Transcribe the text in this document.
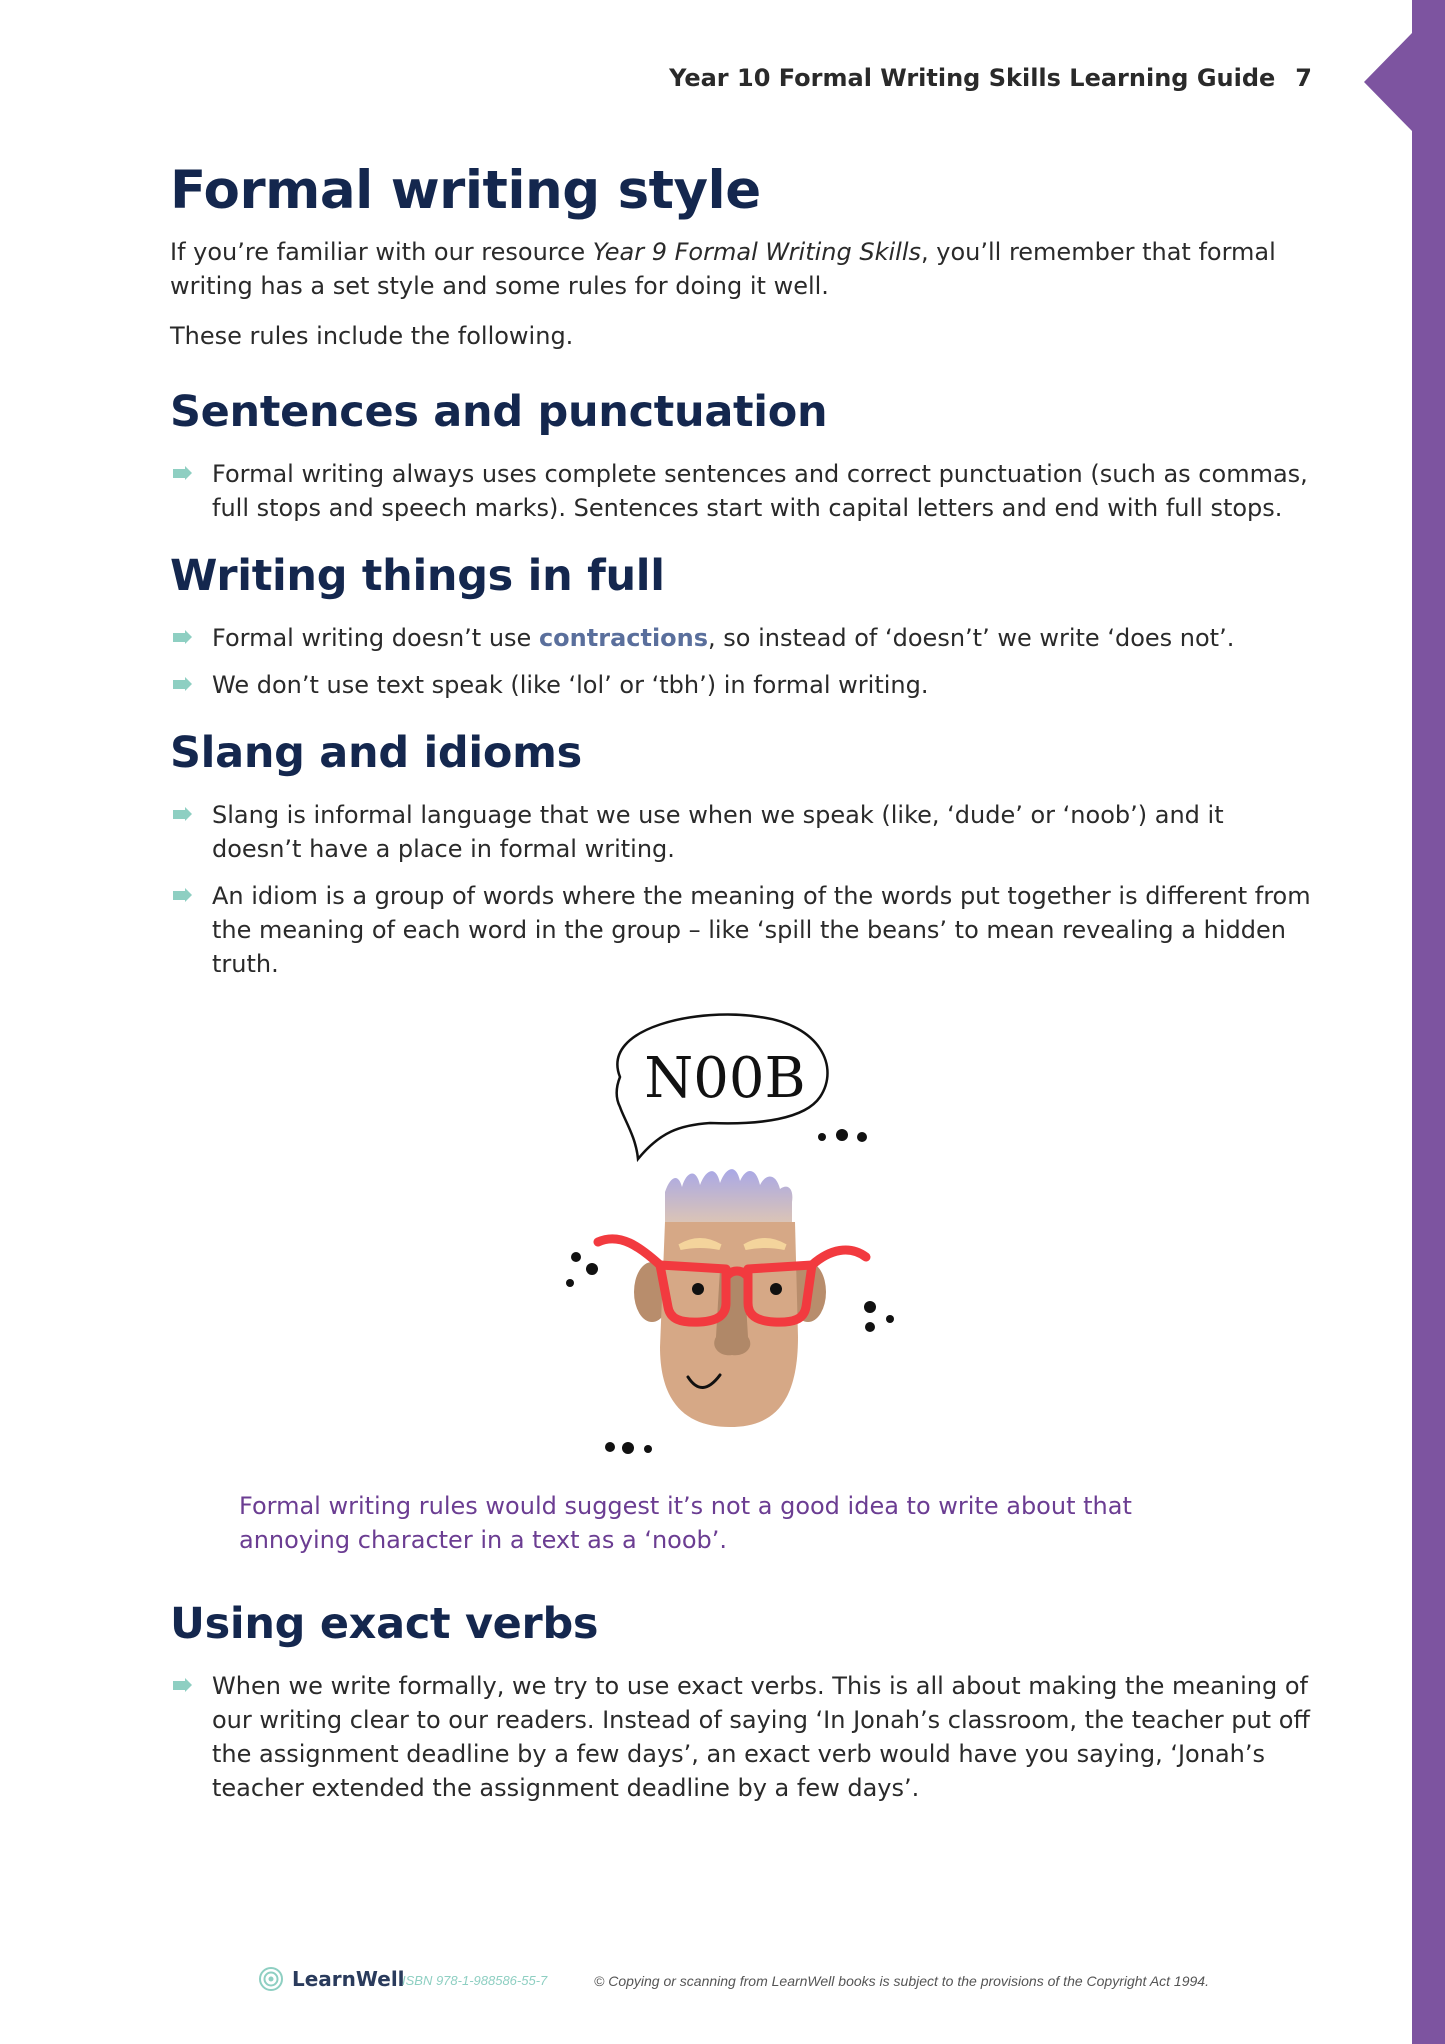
Year 10 Formal Writing Skills Learning Guide 7
Formal writing style

If you’re familiar with our resource Year 9 Formal Writing Skills, you’ll remember that formal writing has a set style and some rules for doing it well.

These rules include the following.

Sentences and punctuation
Formal writing always uses complete sentences and correct punctuation (such as commas, full stops and speech marks). Sentences start with capital letters and end with full stops.
Writing things in full
Formal writing doesn’t use contractions, so instead of ‘doesn’t’ we write ‘does not’.
We don’t use text speak (like ‘lol’ or ‘tbh’) in formal writing.
Slang and idioms
Slang is informal language that we use when we speak (like, ‘dude’ or ‘noob’) and it doesn’t have a place in formal writing.
An idiom is a group of words where the meaning of the words put together is different from the meaning of each word in the group – like ‘spill the beans’ to mean revealing a hidden truth.
N00B

Formal writing rules would suggest it’s not a good idea to write about that annoying character in a text as a ‘noob’.

Using exact verbs
When we write formally, we try to use exact verbs. This is all about making the meaning of our writing clear to our readers. Instead of saying ‘In Jonah’s classroom, the teacher put off the assignment deadline by a few days’, an exact verb would have you saying, ‘Jonah’s teacher extended the assignment deadline by a few days’.
LearnWell
ISBN 978-1-988586-55-7	© Copying or scanning from LearnWell books is subject to the provisions of the Copyright Act 1994.
